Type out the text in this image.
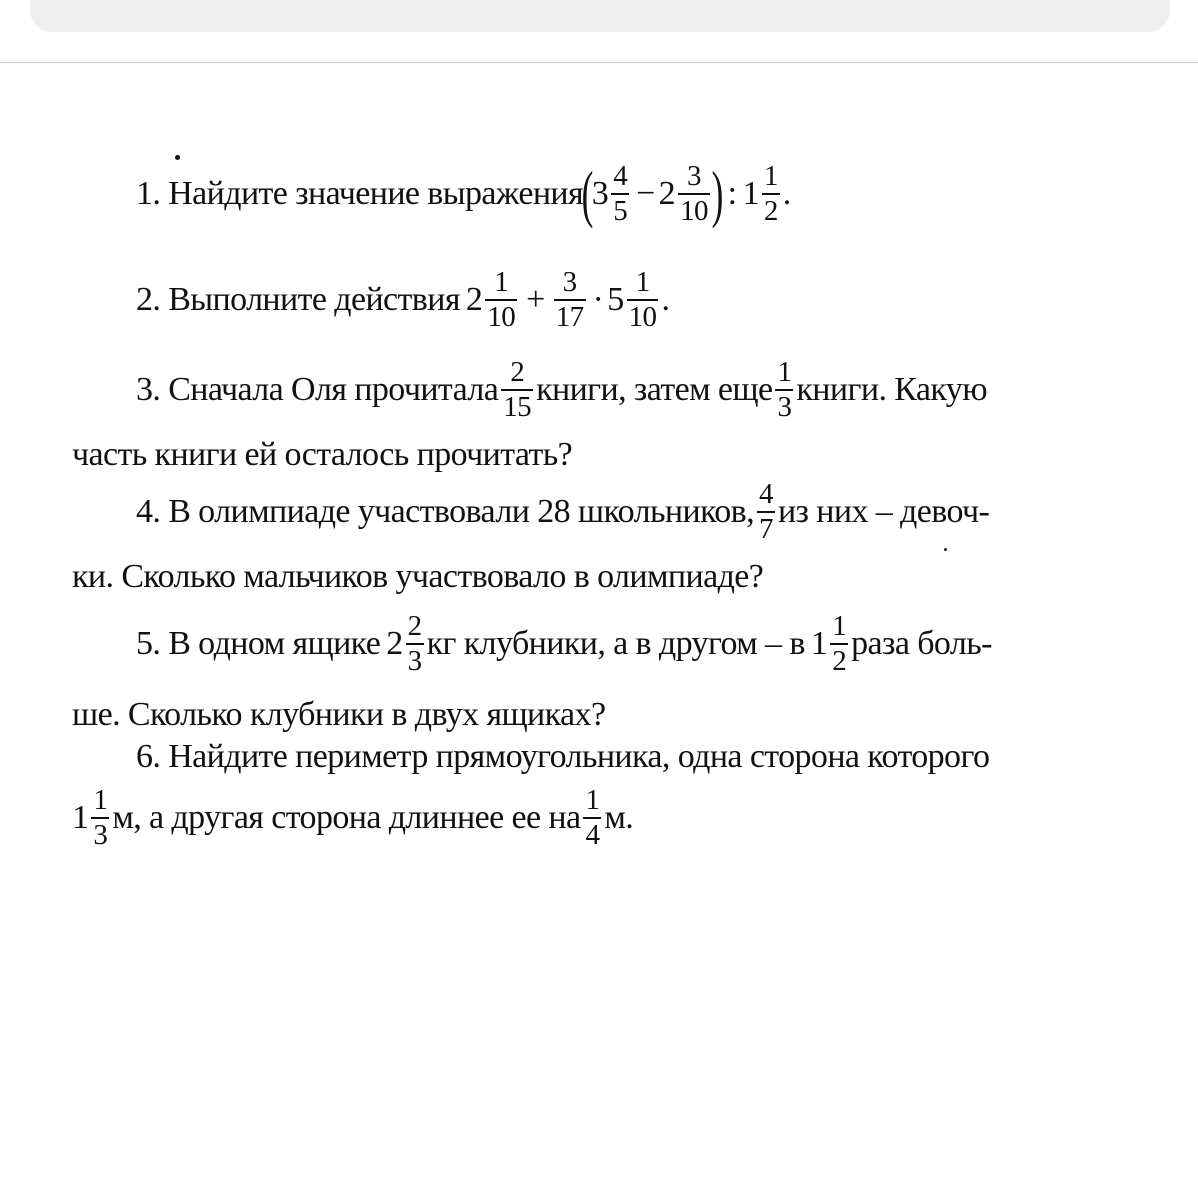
1. Найдите значение выражения
(
$3 \frac{4}{5} - 2 \frac{3}{10}$ ) : $1 \frac{1}{2}$ .
2. Выполните действия $2 \frac{1}{10} + \frac{3}{17} \cdot 5 \frac{1}{10}$ .
3. Сначала Оля прочитала $\frac{2}{15}$ книги, затем еще $\frac{1}{3}$ книги. Какую
часть книги ей осталось прочитать?
4. В олимпиаде участвовали 28 школьников, $\frac{4}{7}$ из них – девоч-
ки. Сколько мальчиков участвовало в олимпиаде?
5. В одном ящике $2 \frac{2}{3}$ кг клубники, а в другом – в $1 \frac{1}{2}$ раза боль-
ше. Сколько клубники в двух ящиках?
6. Найдите периметр прямоугольника, одна сторона которого
$1 \frac{1}{3} м$, а другая сторона длиннее ее на $\frac{1}{4} м$.
